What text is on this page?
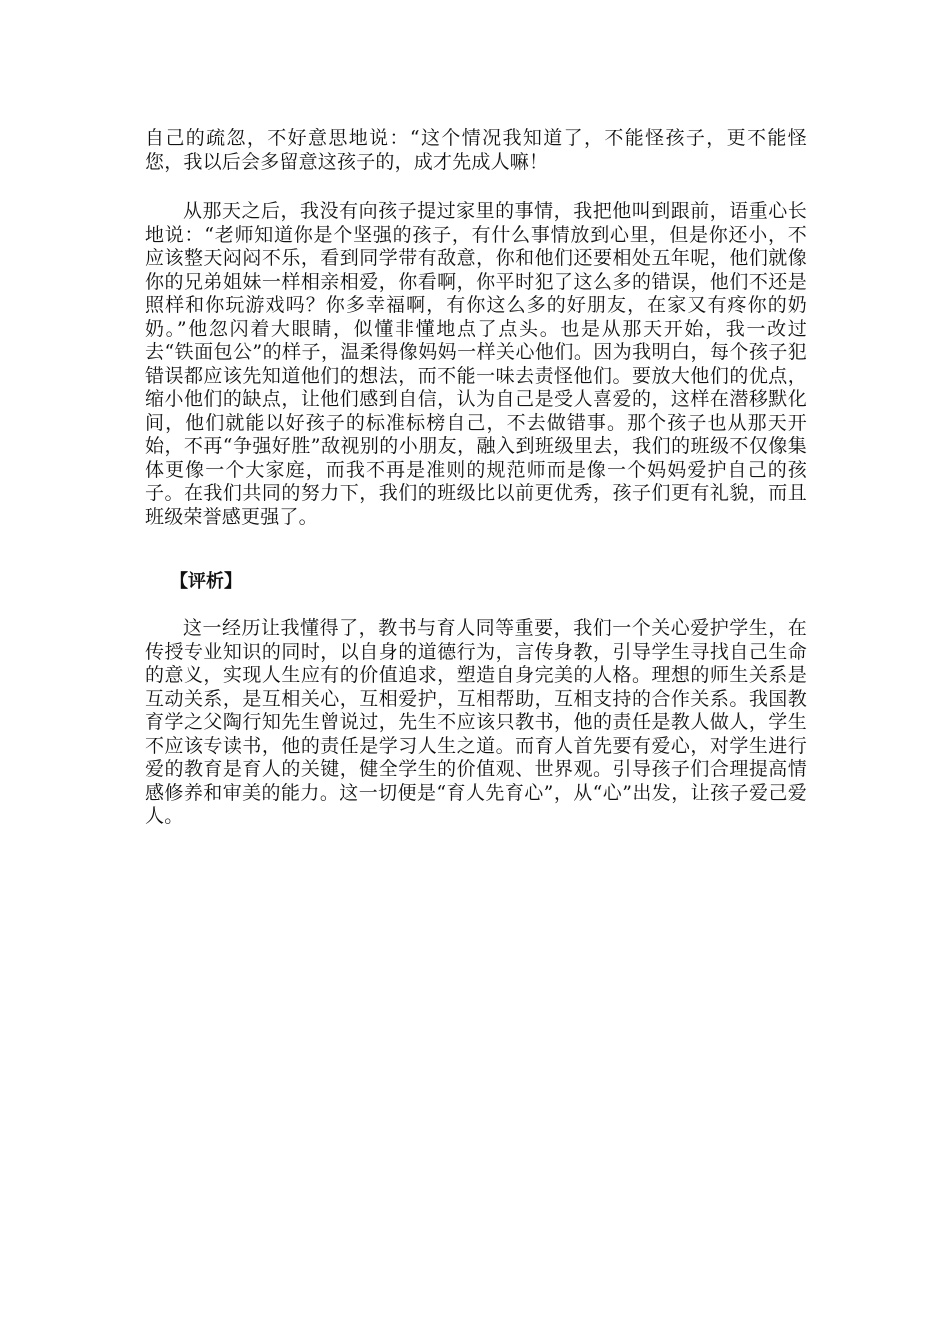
自己的疏忽，不好意思地说：“这个情况我知道了，不能怪孩子，更不能怪您，我以后会多留意这孩子的，成才先成人嘛！

从那天之后，我没有向孩子提过家里的事情，我把他叫到跟前，语重心长地说：“老师知道你是个坚强的孩子，有什么事情放到心里，但是你还小，不应该整天闷闷不乐，看到同学带有敌意，你和他们还要相处五年呢，他们就像你的兄弟姐妹一样相亲相爱，你看啊，你平时犯了这么多的错误，他们不还是照样和你玩游戏吗？你多幸福啊，有你这么多的好朋友，在家又有疼你的奶奶。”他忽闪着大眼睛，似懂非懂地点了点头。也是从那天开始，我一改过去“铁面包公”的样子，温柔得像妈妈一样关心他们。因为我明白，每个孩子犯错误都应该先知道他们的想法，而不能一味去责怪他们。要放大他们的优点，缩小他们的缺点，让他们感到自信，认为自己是受人喜爱的，这样在潜移默化间，他们就能以好孩子的标准标榜自己，不去做错事。那个孩子也从那天开始，不再“争强好胜”敌视别的小朋友，融入到班级里去，我们的班级不仅像集体更像一个大家庭，而我不再是准则的规范师而是像一个妈妈爱护自己的孩子。在我们共同的努力下，我们的班级比以前更优秀，孩子们更有礼貌，而且班级荣誉感更强了。

【评析】

这一经历让我懂得了，教书与育人同等重要，我们一个关心爱护学生，在传授专业知识的同时，以自身的道德行为，言传身教，引导学生寻找自己生命的意义，实现人生应有的价值追求，塑造自身完美的人格。理想的师生关系是互动关系，是互相关心，互相爱护，互相帮助，互相支持的合作关系。我国教育学之父陶行知先生曾说过，先生不应该只教书，他的责任是教人做人，学生不应该专读书，他的责任是学习人生之道。而育人首先要有爱心，对学生进行爱的教育是育人的关键，健全学生的价值观、世界观。引导孩子们合理提高情感修养和审美的能力。这一切便是“育人先育心”，从“心”出发，让孩子爱己爱人。
